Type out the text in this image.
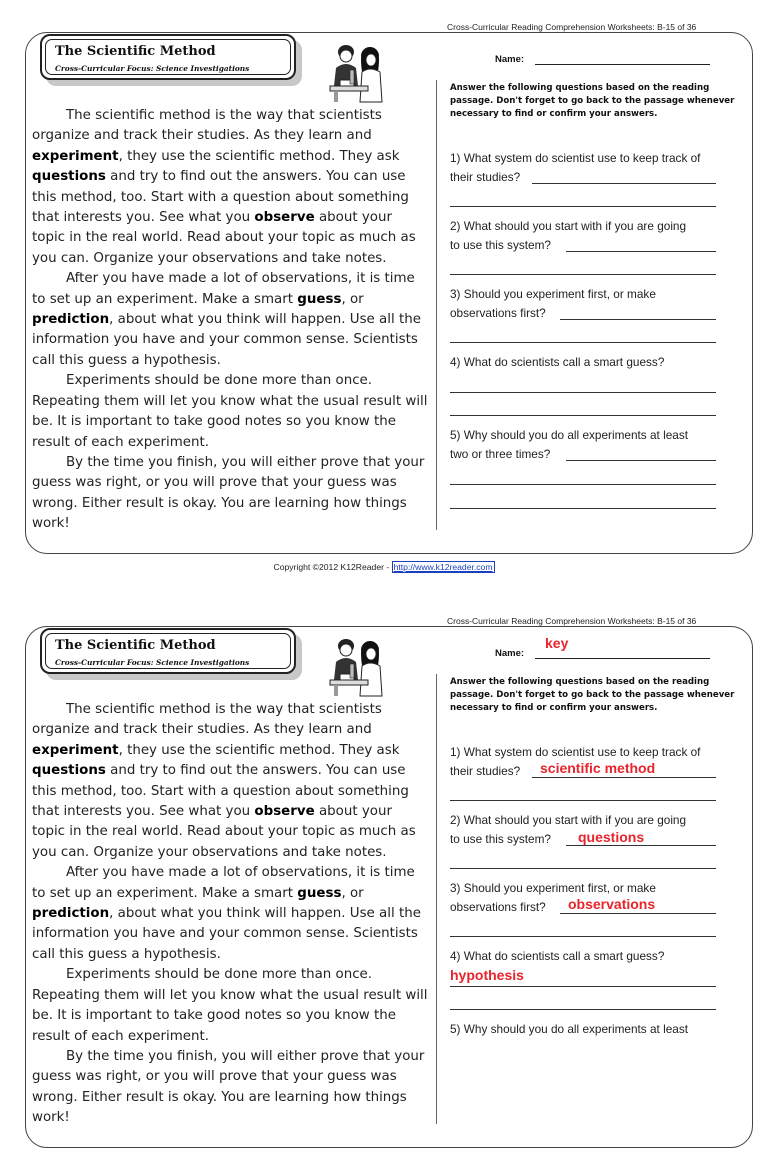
Cross-Curricular Reading Comprehension Worksheets: B-15 of 36
The Scientific Method
Cross-Curricular Focus: Science Investigations

The scientific method is the way that scientists organize and track their studies. As they learn and experiment, they use the scientific method. They ask questions and try to find out the answers. You can use this method, too. Start with a question about something that interests you. See what you observe about your topic in the real world. Read about your topic as much as you can. Organize your observations and take notes.

After you have made a lot of observations, it is time to set up an experiment. Make a smart guess, or prediction, about what you think will happen. Use all the information you have and your common sense. Scientists call this guess a hypothesis.

Experiments should be done more than once. Repeating them will let you know what the usual result will be. It is important to take good notes so you know the result of each experiment.

By the time you finish, you will either prove that your guess was right, or you will prove that your guess was wrong. Either result is okay. You are learning how things work!

Name:
Answer the following questions based on the reading passage. Don't forget to go back to the passage whenever necessary to find or confirm your answers.
1) What system do scientist use to keep track of
their studies?
2) What should you start with if you are going
to use this system?
3) Should you experiment first, or make
observations first?
4) What do scientists call a smart guess?
5) Why should you do all experiments at least
two or three times?
Copyright ©2012 K12Reader - http://www.k12reader.com
Cross-Curricular Reading Comprehension Worksheets: B-15 of 36
The Scientific Method
Cross-Curricular Focus: Science Investigations

The scientific method is the way that scientists organize and track their studies. As they learn and experiment, they use the scientific method. They ask questions and try to find out the answers. You can use this method, too. Start with a question about something that interests you. See what you observe about your topic in the real world. Read about your topic as much as you can. Organize your observations and take notes.

After you have made a lot of observations, it is time to set up an experiment. Make a smart guess, or prediction, about what you think will happen. Use all the information you have and your common sense. Scientists call this guess a hypothesis.

Experiments should be done more than once. Repeating them will let you know what the usual result will be. It is important to take good notes so you know the result of each experiment.

By the time you finish, you will either prove that your guess was right, or you will prove that your guess was wrong. Either result is okay. You are learning how things work!

Name:
key
Answer the following questions based on the reading passage. Don't forget to go back to the passage whenever necessary to find or confirm your answers.
1) What system do scientist use to keep track of
their studies?	scientific method
2) What should you start with if you are going
to use this system?	questions
3) Should you experiment first, or make
observations first?	observations
4) What do scientists call a smart guess?
hypothesis
5) Why should you do all experiments at least
